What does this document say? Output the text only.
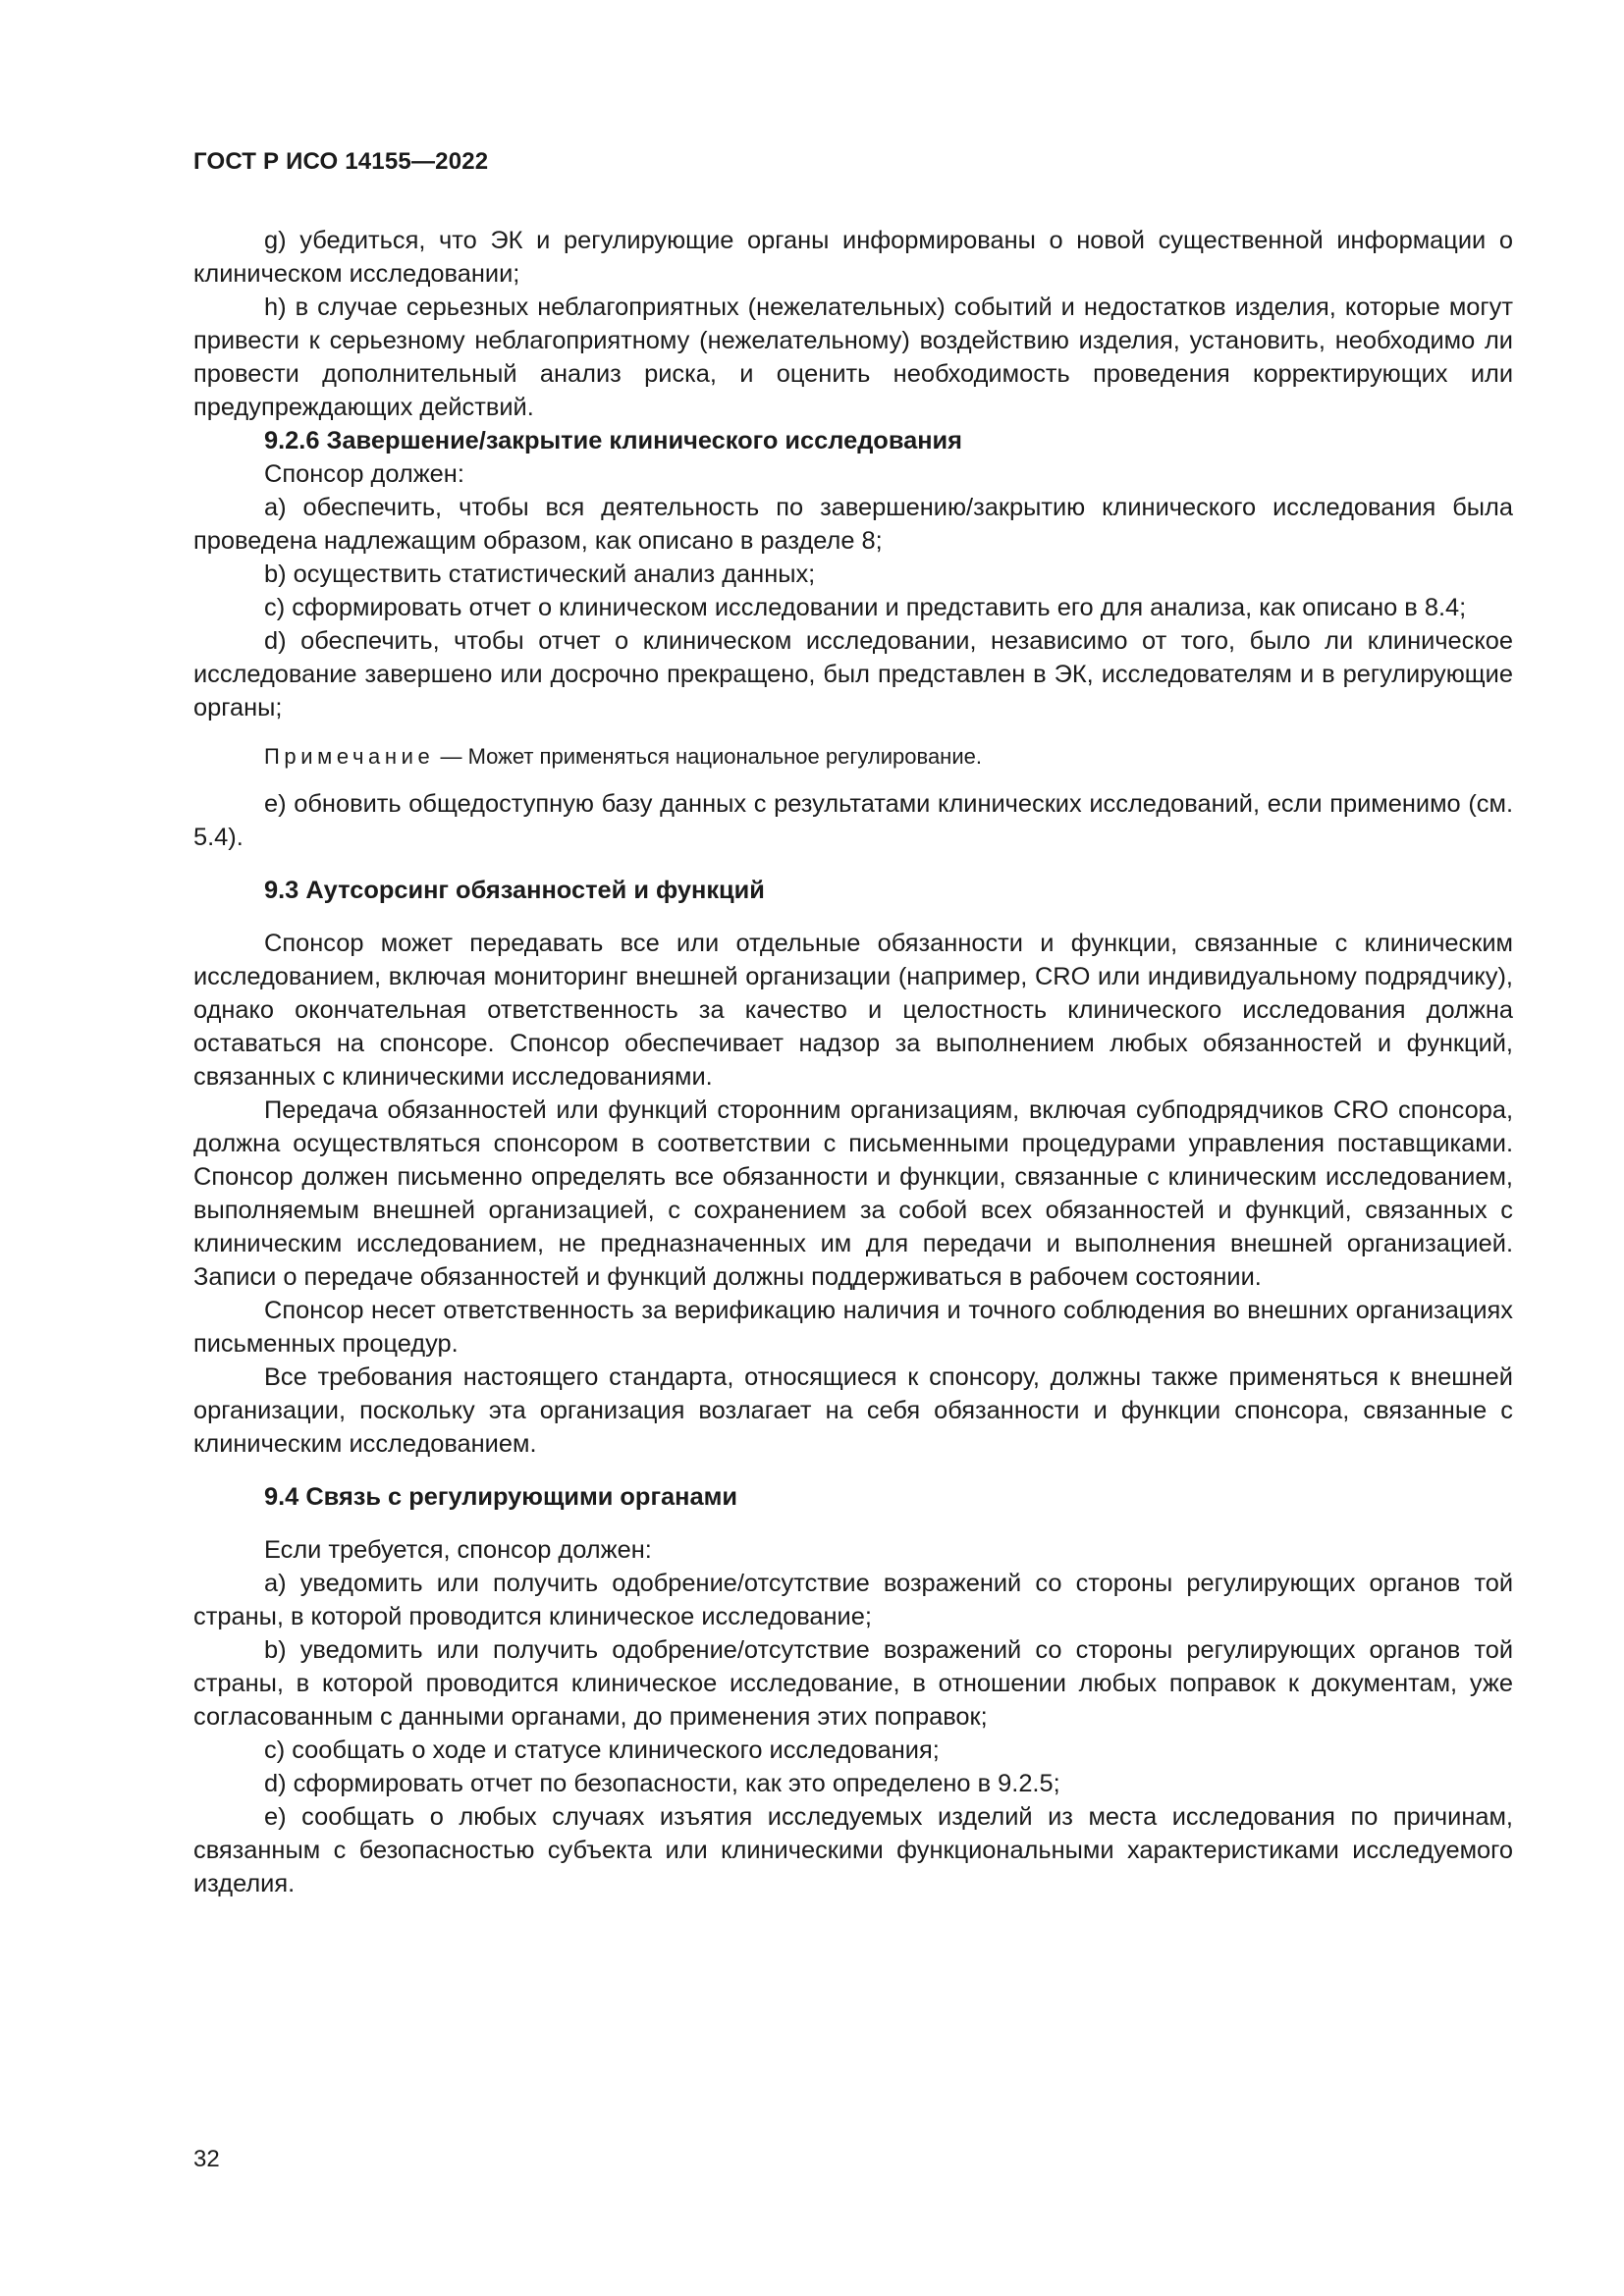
ГОСТ Р ИСО 14155—2022

g) убедиться, что ЭК и регулирующие органы информированы о новой существенной информации о клиническом исследовании;

h) в случае серьезных неблагоприятных (нежелательных) событий и недостатков изделия, которые могут привести к серьезному неблагоприятному (нежелательному) воздействию изделия, установить, необходимо ли провести дополнительный анализ риска, и оценить необходимость проведения корректирующих или предупреждающих действий.

9.2.6 Завершение/закрытие клинического исследования

Спонсор должен:

a) обеспечить, чтобы вся деятельность по завершению/закрытию клинического исследования была проведена надлежащим образом, как описано в разделе 8;

b) осуществить статистический анализ данных;

c) сформировать отчет о клиническом исследовании и представить его для анализа, как описано в 8.4;

d) обеспечить, чтобы отчет о клиническом исследовании, независимо от того, было ли клиническое исследование завершено или досрочно прекращено, был представлен в ЭК, исследователям и в регулирующие органы;

Примечание — Может применяться национальное регулирование.

e) обновить общедоступную базу данных с результатами клинических исследований, если применимо (см. 5.4).

9.3 Аутсорсинг обязанностей и функций

Спонсор может передавать все или отдельные обязанности и функции, связанные с клиническим исследованием, включая мониторинг внешней организации (например, CRO или индивидуальному подрядчику), однако окончательная ответственность за качество и целостность клинического исследования должна оставаться на спонсоре. Спонсор обеспечивает надзор за выполнением любых обязанностей и функций, связанных с клиническими исследованиями.

Передача обязанностей или функций сторонним организациям, включая субподрядчиков CRO спонсора, должна осуществляться спонсором в соответствии с письменными процедурами управления поставщиками. Спонсор должен письменно определять все обязанности и функции, связанные с клиническим исследованием, выполняемым внешней организацией, с сохранением за собой всех обязанностей и функций, связанных с клиническим исследованием, не предназначенных им для передачи и выполнения внешней организацией. Записи о передаче обязанностей и функций должны поддерживаться в рабочем состоянии.

Спонсор несет ответственность за верификацию наличия и точного соблюдения во внешних организациях письменных процедур.

Все требования настоящего стандарта, относящиеся к спонсору, должны также применяться к внешней организации, поскольку эта организация возлагает на себя обязанности и функции спонсора, связанные с клиническим исследованием.

9.4 Связь с регулирующими органами

Если требуется, спонсор должен:

a) уведомить или получить одобрение/отсутствие возражений со стороны регулирующих органов той страны, в которой проводится клиническое исследование;

b) уведомить или получить одобрение/отсутствие возражений со стороны регулирующих органов той страны, в которой проводится клиническое исследование, в отношении любых поправок к документам, уже согласованным с данными органами, до применения этих поправок;

c) сообщать о ходе и статусе клинического исследования;

d) сформировать отчет по безопасности, как это определено в 9.2.5;

e) сообщать о любых случаях изъятия исследуемых изделий из места исследования по причинам, связанным с безопасностью субъекта или клиническими функциональными характеристиками исследуемого изделия.

32
